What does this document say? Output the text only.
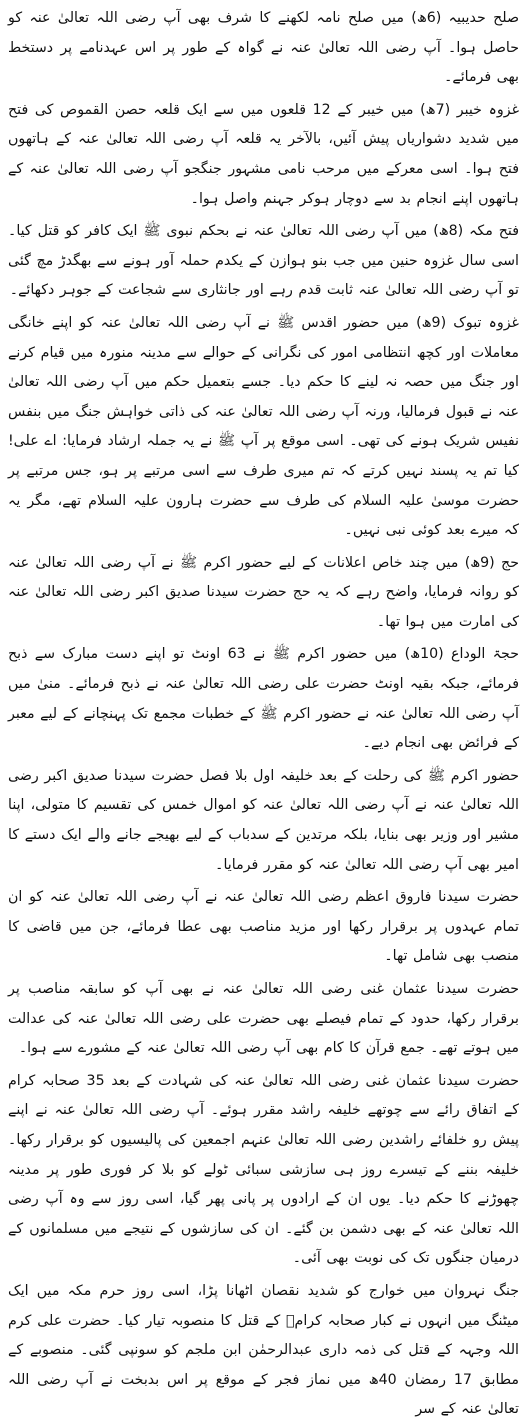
صلح حدیبیہ (6ھ) میں صلح نامہ لکھنے کا شرف بھی آپ رضی اللہ تعالیٰ عنہ کو حاصل ہوا۔ آپ رضی اللہ تعالیٰ عنہ نے گواہ کے طور پر اس عہدنامے پر دستخط بھی فرمائے۔

غزوہ خیبر (7ھ) میں خیبر کے 12 قلعوں میں سے ایک قلعہ حصن القموص کی فتح میں شدید دشواریاں پیش آئیں، بالآخر یہ قلعہ آپ رضی اللہ تعالیٰ عنہ کے ہاتھوں فتح ہوا۔ اسی معرکے میں مرحب نامی مشہور جنگجو آپ رضی اللہ تعالیٰ عنہ کے ہاتھوں اپنے انجام بد سے دوچار ہوکر جہنم واصل ہوا۔

فتح مکہ (8ھ) میں آپ رضی اللہ تعالیٰ عنہ نے بحکم نبوی ﷺ ایک کافر کو قتل کیا۔ اسی سال غزوہ حنین میں جب بنو ہوازن کے یکدم حملہ آور ہونے سے بھگدڑ مچ گئی تو آپ رضی اللہ تعالیٰ عنہ ثابت قدم رہے اور جانثاری سے شجاعت کے جوہر دکھائے۔

غزوہ تبوک (9ھ) میں حضور اقدس ﷺ نے آپ رضی اللہ تعالیٰ عنہ کو اپنے خانگی معاملات اور کچھ انتظامی امور کی نگرانی کے حوالے سے مدینہ منورہ میں قیام کرنے اور جنگ میں حصہ نہ لینے کا حکم دیا۔ جسے بتعمیل حکم میں آپ رضی اللہ تعالیٰ عنہ نے قبول فرمالیا، ورنہ آپ رضی اللہ تعالیٰ عنہ کی ذاتی خواہش جنگ میں بنفس نفیس شریک ہونے کی تھی۔ اسی موقع پر آپ ﷺ نے یہ جملہ ارشاد فرمایا: اے علی! کیا تم یہ پسند نہیں کرتے کہ تم میری طرف سے اسی مرتبے پر ہو، جس مرتبے پر حضرت موسیٰ علیہ السلام کی طرف سے حضرت ہارون علیہ السلام تھے، مگر یہ کہ میرے بعد کوئی نبی نہیں۔

حج (9ھ) میں چند خاص اعلانات کے لیے حضور اکرم ﷺ نے آپ رضی اللہ تعالیٰ عنہ کو روانہ فرمایا، واضح رہے کہ یہ حج حضرت سیدنا صدیق اکبر رضی اللہ تعالیٰ عنہ کی امارت میں ہوا تھا۔

حجۃ الوداع (10ھ) میں حضور اکرم ﷺ نے 63 اونٹ تو اپنے دست مبارک سے ذبح فرمائے، جبکہ بقیہ اونٹ حضرت علی رضی اللہ تعالیٰ عنہ نے ذبح فرمائے۔ منیٰ میں آپ رضی اللہ تعالیٰ عنہ نے حضور اکرم ﷺ کے خطبات مجمع تک پہنچانے کے لیے معبر کے فرائض بھی انجام دیے۔

حضور اکرم ﷺ کی رحلت کے بعد خلیفہ اول بلا فصل حضرت سیدنا صدیق اکبر رضی اللہ تعالیٰ عنہ نے آپ رضی اللہ تعالیٰ عنہ کو اموال خمس کی تقسیم کا متولی، اپنا مشیر اور وزیر بھی بنایا، بلکہ مرتدین کے سدباب کے لیے بھیجے جانے والے ایک دستے کا امیر بھی آپ رضی اللہ تعالیٰ عنہ کو مقرر فرمایا۔

حضرت سیدنا فاروق اعظم رضی اللہ تعالیٰ عنہ نے آپ رضی اللہ تعالیٰ عنہ کو ان تمام عہدوں پر برقرار رکھا اور مزید مناصب بھی عطا فرمائے، جن میں قاضی کا منصب بھی شامل تھا۔

حضرت سیدنا عثمان غنی رضی اللہ تعالیٰ عنہ نے بھی آپ کو سابقہ مناصب پر برقرار رکھا، حدود کے تمام فیصلے بھی حضرت علی رضی اللہ تعالیٰ عنہ کی عدالت میں ہوتے تھے۔ جمع قرآن کا کام بھی آپ رضی اللہ تعالیٰ عنہ کے مشورے سے ہوا۔

حضرت سیدنا عثمان غنی رضی اللہ تعالیٰ عنہ کی شہادت کے بعد 35 صحابہ کرام کے اتفاق رائے سے چوتھے خلیفہ راشد مقرر ہوئے۔ آپ رضی اللہ تعالیٰ عنہ نے اپنے پیش رو خلفائے راشدین رضی اللہ تعالیٰ عنہم اجمعین کی پالیسیوں کو برقرار رکھا۔ خلیفہ بننے کے تیسرے روز ہی سازشی سبائی ٹولے کو بلا کر فوری طور پر مدینہ چھوڑنے کا حکم دیا۔ یوں ان کے ارادوں پر پانی پھر گیا، اسی روز سے وہ آپ رضی اللہ تعالیٰ عنہ کے بھی دشمن بن گئے۔ ان کی سازشوں کے نتیجے میں مسلمانوں کے درمیان جنگوں تک کی نوبت بھی آئی۔

جنگ نہروان میں خوارج کو شدید نقصان اٹھانا پڑا، اسی روز حرم مکہ میں ایک میٹنگ میں انہوں نے کبار صحابہ کرامؓ کے قتل کا منصوبہ تیار کیا۔ حضرت علی کرم اللہ وجہہ کے قتل کی ذمہ داری عبدالرحمٰن ابن ملجم کو سونپی گئی۔ منصوبے کے مطابق 17 رمضان 40ھ میں نماز فجر کے موقع پر اس بدبخت نے آپ رضی اللہ تعالیٰ عنہ کے سر
